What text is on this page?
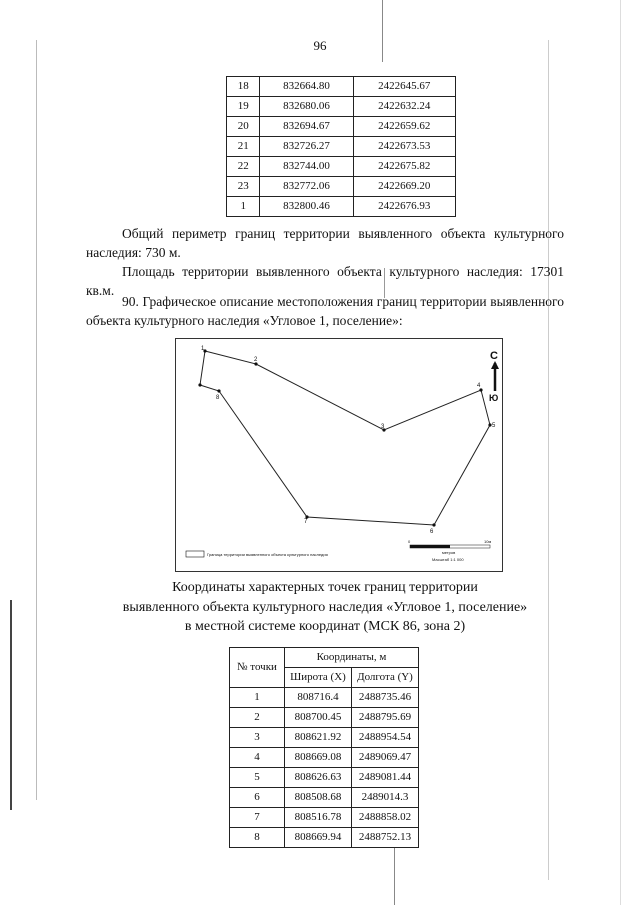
96
18	832664.80	2422645.67
19	832680.06	2422632.24
20	832694.67	2422659.62
21	832726.27	2422673.53
22	832744.00	2422675.82
23	832772.06	2422669.20
1	832800.46	2422676.93
Общий периметр границ территории выявленного объекта культурного наследия: 730 м.
Площадь территории выявленного объекта культурного наследия: 17301 кв.м.
90. Графическое описание местоположения границ территории выявленного объекта культурного наследия «Угловое 1, поселение»:
1
2
3
4
5
6
7
8
С
Ю
0	10м
метров
Масштаб 1:1 000
Граница территории выявленного объекта культурного наследия
Координаты характерных точек границ территории
выявленного объекта культурного наследия «Угловое 1, поселение»
в местной системе координат (МСК 86, зона 2)
№ точки	Координаты, м	
	Широта (X)	Долгота (Y)
1	808716.4	2488735.46
2	808700.45	2488795.69
3	808621.92	2488954.54
4	808669.08	2489069.47
5	808626.63	2489081.44
6	808508.68	2489014.3
7	808516.78	2488858.02
8	808669.94	2488752.13
